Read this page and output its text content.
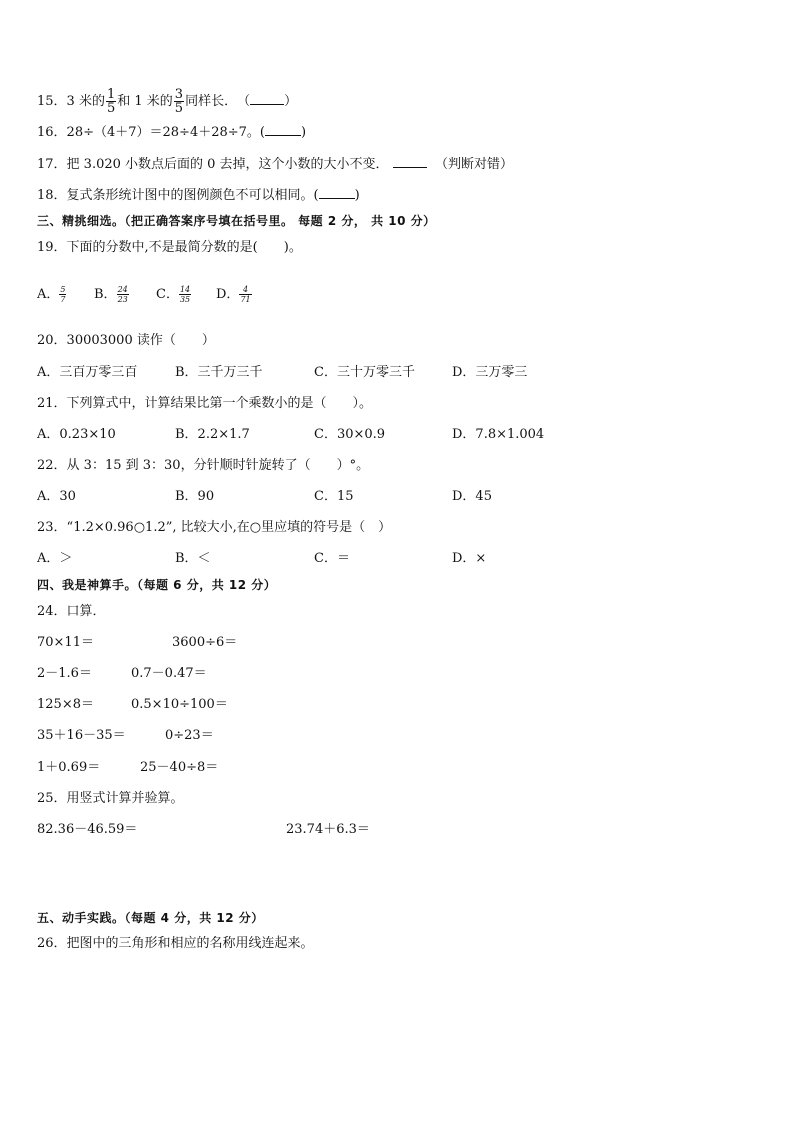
15．3 米的 $\frac{1}{5}$ 和 1 米的 $\frac{3}{5}$ 同样长．　（	）
16．28÷（4＋7）＝28÷4＋28÷7。(	)
17．把 3.020 小数点后面的 0 去掉，这个小数的大小不变．	（判断对错）
18．复式条形统计图中的图例颜色不可以相同。(	)
三、精挑细选。（把正确答案序号填在括号里。 每题 2 分， 共 10 分）
19．下面的分数中,不是最简分数的是(　　)。
A． $\frac{5}{7}$ B． $\frac{24}{23}$ C． $\frac{14}{35}$ D． $\frac{4}{71}$
20．30003000 读作（　　）
A．三百万零三百	B．三千万三千	C．三十万零三千	D．三万零三
21．下列算式中，计算结果比第一个乘数小的是（　　）。
A．0.23×10	B．2.2×1.7	C．30×0.9	D．7.8×1.004
22．从 3：15 到 3：30，分针顺时针旋转了（　　）°。
A．30	B．90	C．15	D．45
23．“1.2×0.96○1.2”, 比较大小,在○里应填的符号是（　）
A．＞	B．＜	C．＝	D．×
四、我是神算手。（每题 6 分，共 12 分）
24．口算．
70×11＝	3600÷6＝
2－1.6＝	0.7－0.47＝
125×8＝	0.5×10÷100＝
35＋16－35＝	0÷23＝
1＋0.69＝	25－40÷8＝
25．用竖式计算并验算。
82.36－46.59＝	23.74＋6.3＝
五、动手实践。（每题 4 分，共 12 分）
26．把图中的三角形和相应的名称用线连起来。
